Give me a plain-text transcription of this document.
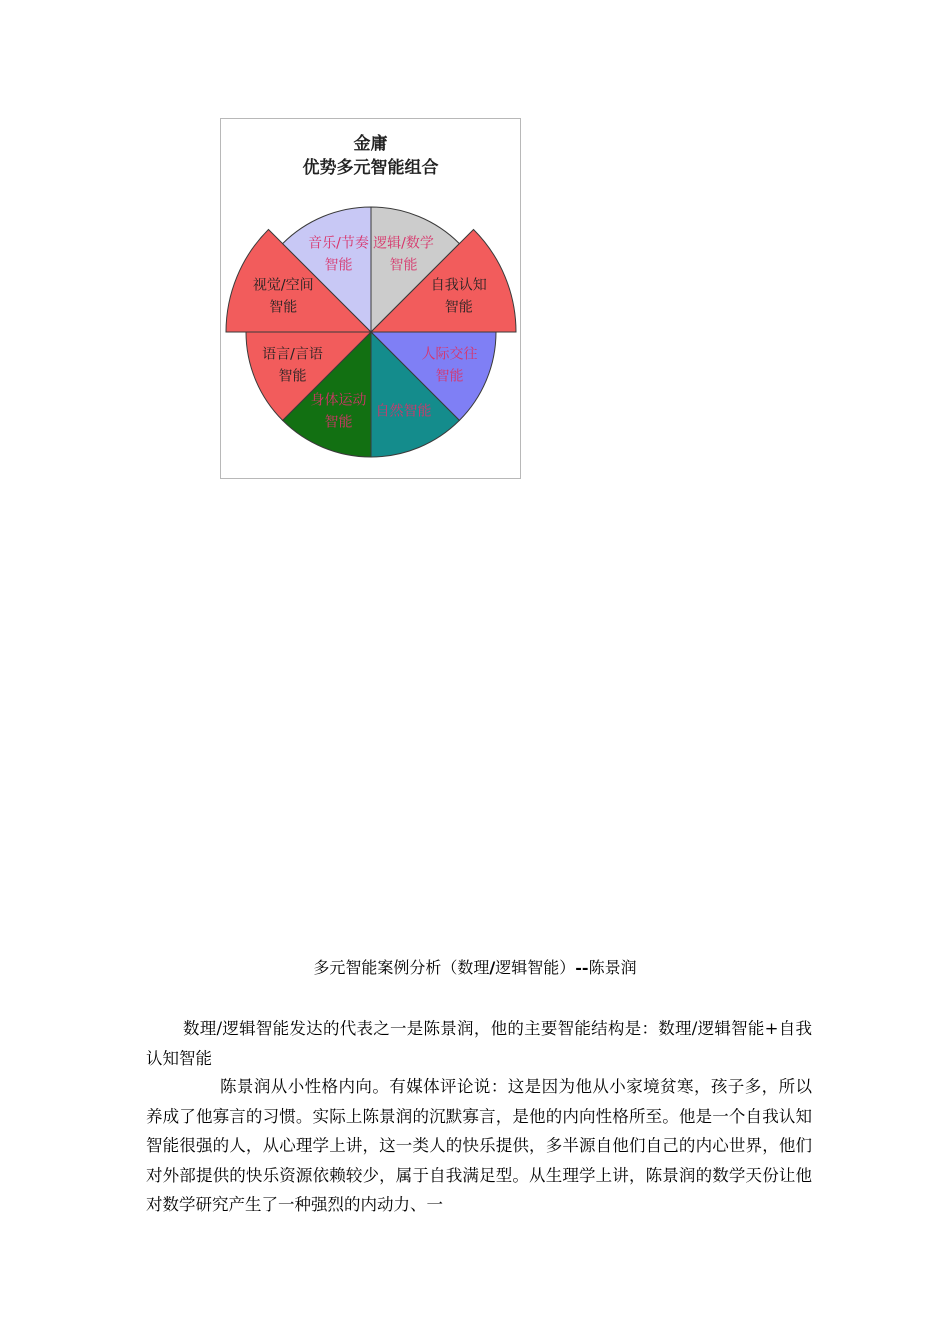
金庸
优势多元智能组合
逻辑/数学
智能
自我认知
智能
人际交往
智能
自然智能
身体运动
智能
语言/言语
智能
视觉/空间
智能
音乐/节奏
智能
多元智能案例分析（数理/逻辑智能）--陈景润

数理/逻辑智能发达的代表之一是陈景润，他的主要智能结构是：数理/逻辑智能+自我认知智能

陈景润从小性格内向。有媒体评论说：这是因为他从小家境贫寒，孩子多，所以养成了他寡言的习惯。实际上陈景润的沉默寡言，是他的内向性格所至。他是一个自我认知智能很强的人，从心理学上讲，这一类人的快乐提供，多半源自他们自己的内心世界，他们对外部提供的快乐资源依赖较少，属于自我满足型。从生理学上讲，陈景润的数学天份让他对数学研究产生了一种强烈的内动力、一
